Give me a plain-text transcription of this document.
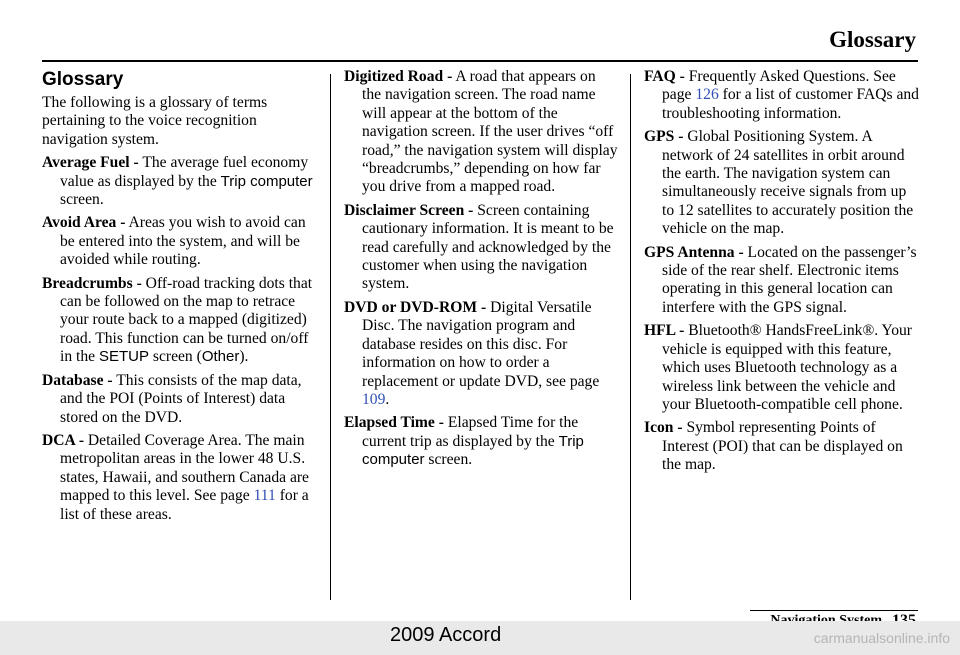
Glossary
Glossary

The following is a glossary of terms pertaining to the voice recognition navigation system.

Average Fuel - The average fuel economy value as displayed by the Trip computer screen.

Avoid Area - Areas you wish to avoid can be entered into the system, and will be avoided while routing.

Breadcrumbs - Off-road tracking dots that can be followed on the map to retrace your route back to a mapped (digitized) road. This function can be turned on/off in the SETUP screen (Other).

Database - This consists of the map data, and the POI (Points of Interest) data stored on the DVD.

DCA - Detailed Coverage Area. The main metropolitan areas in the lower 48 U.S. states, Hawaii, and southern Canada are mapped to this level. See page 111 for a list of these areas.

Digitized Road - A road that appears on the navigation screen. The road name will appear at the bottom of the navigation screen. If the user drives “off road,” the navigation system will display “breadcrumbs,” depending on how far you drive from a mapped road.

Disclaimer Screen - Screen containing cautionary information. It is meant to be read carefully and acknowledged by the customer when using the navigation system.

DVD or DVD-ROM - Digital Versatile Disc. The navigation program and database resides on this disc. For information on how to order a replacement or update DVD, see page 109.

Elapsed Time - Elapsed Time for the current trip as displayed by the Trip computer screen.

FAQ - Frequently Asked Questions. See page 126 for a list of customer FAQs and troubleshooting information.

GPS - Global Positioning System. A network of 24 satellites in orbit around the earth. The navigation system can simultaneously receive signals from up to 12 satellites to accurately position the vehicle on the map.

GPS Antenna - Located on the passenger’s side of the rear shelf. Electronic items operating in this general location can interfere with the GPS signal.

HFL - Bluetooth® HandsFreeLink®. Your vehicle is equipped with this feature, which uses Bluetooth technology as a wireless link between the vehicle and your Bluetooth-compatible cell phone.

Icon - Symbol representing Points of Interest (POI) that can be displayed on the map.

2009 Accord	carmanualsonline.info
